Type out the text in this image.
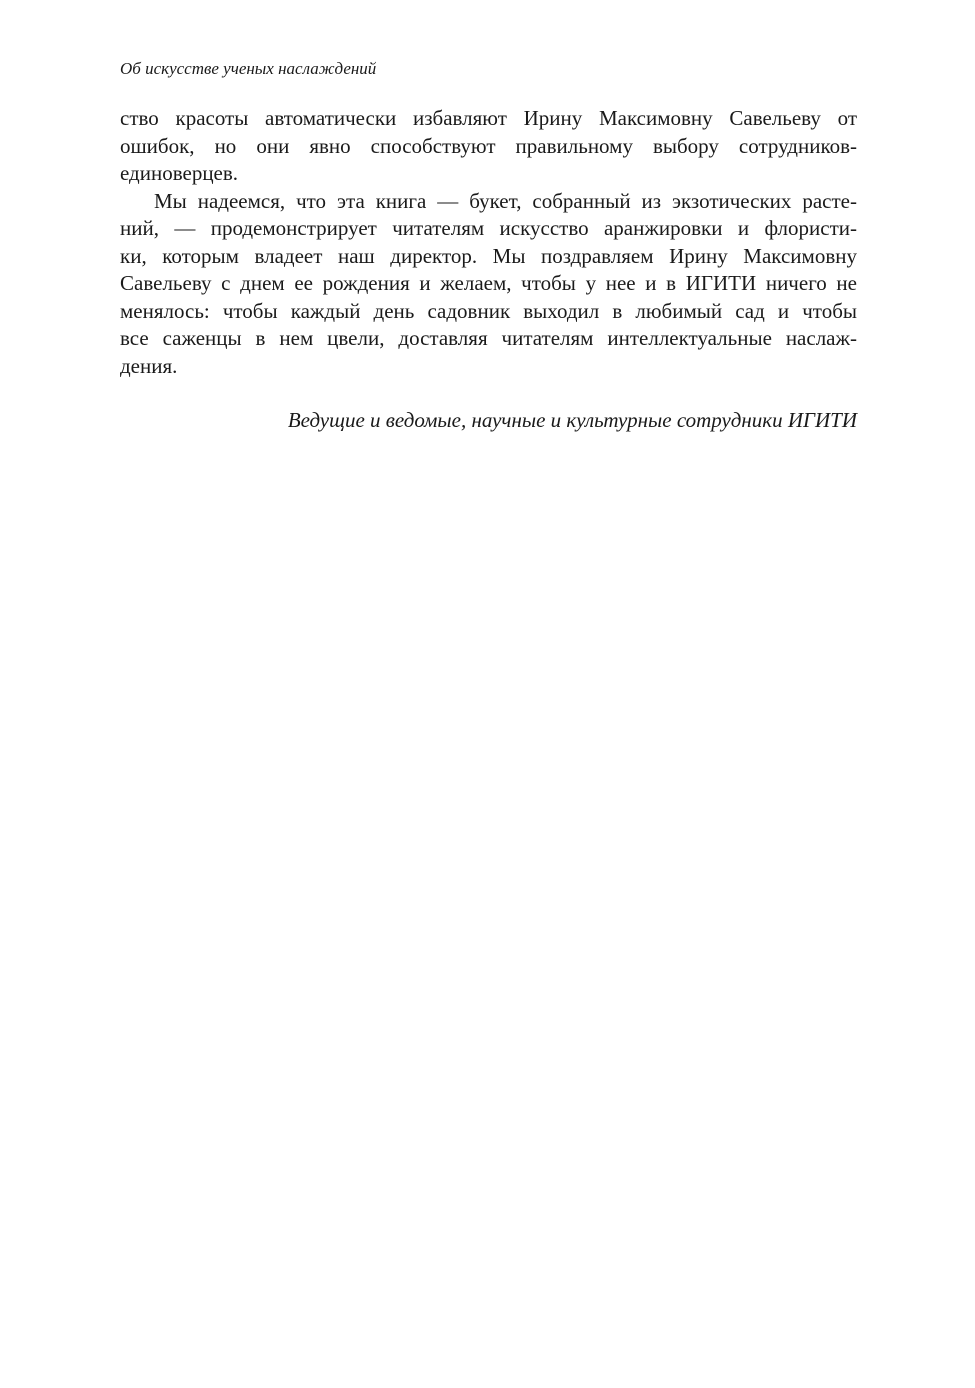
Об искусстве ученых наслаждений
ство красоты автоматически избавляют Ирину Максимовну Савельеву от
ошибок, но они явно способствуют правильному выбору сотрудников-
единоверцев.
Мы надеемся, что эта книга — букет, собранный из экзотических расте-
ний, — продемонстрирует читателям искусство аранжировки и флористи-
ки, которым владеет наш директор. Мы поздравляем Ирину Максимовну
Савельеву с днем ее рождения и желаем, чтобы у нее и в ИГИТИ ничего не
менялось: чтобы каждый день садовник выходил в любимый сад и чтобы
все саженцы в нем цвели, доставляя читателям интеллектуальные наслаж-
дения.
Ведущие и ведомые, научные и культурные сотрудники ИГИТИ
